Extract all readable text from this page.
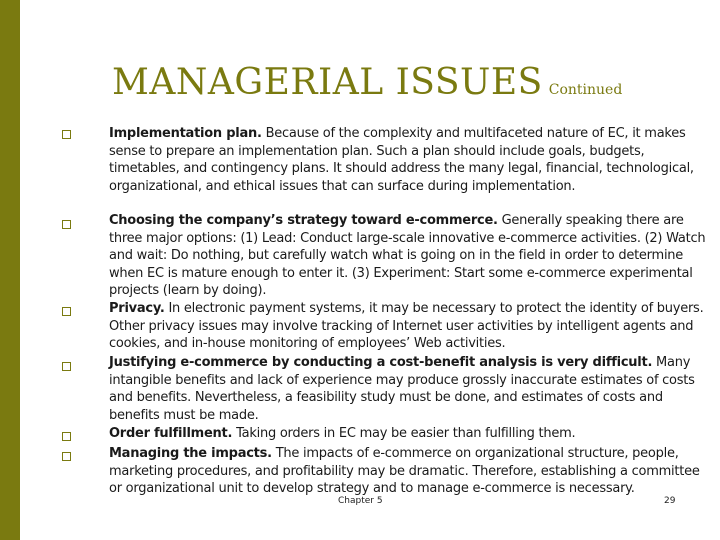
MANAGERIAL ISSUES Continued
Implementation plan. Because of the complexity and multifaceted nature of EC, it makes sense to prepare an implementation plan. Such a plan should include goals, budgets, timetables, and contingency plans. It should address the many legal, financial, technological, organizational, and ethical issues that can surface during implementation.
Choosing the company’s strategy toward e-commerce. Generally speaking there are three major options: (1) Lead: Conduct large-scale innovative e-commerce activities. (2) Watch and wait: Do nothing, but carefully watch what is going on in the field in order to determine when EC is mature enough to enter it. (3) Experiment: Start some e-commerce experimental projects (learn by doing).
Privacy. In electronic payment systems, it may be necessary to protect the identity of buyers. Other privacy issues may involve tracking of Internet user activities by intelligent agents and cookies, and in-house monitoring of employees’ Web activities.
Justifying e-commerce by conducting a cost-benefit analysis is very difficult. Many intangible benefits and lack of experience may produce grossly inaccurate estimates of costs and benefits. Nevertheless, a feasibility study must be done, and estimates of costs and benefits must be made.
Order fulfillment. Taking orders in EC may be easier than fulfilling them.
Managing the impacts. The impacts of e-commerce on organizational structure, people, marketing procedures, and profitability may be dramatic. Therefore, establishing a committee or organizational unit to develop strategy and to manage e-commerce is necessary.
Chapter 5	29
